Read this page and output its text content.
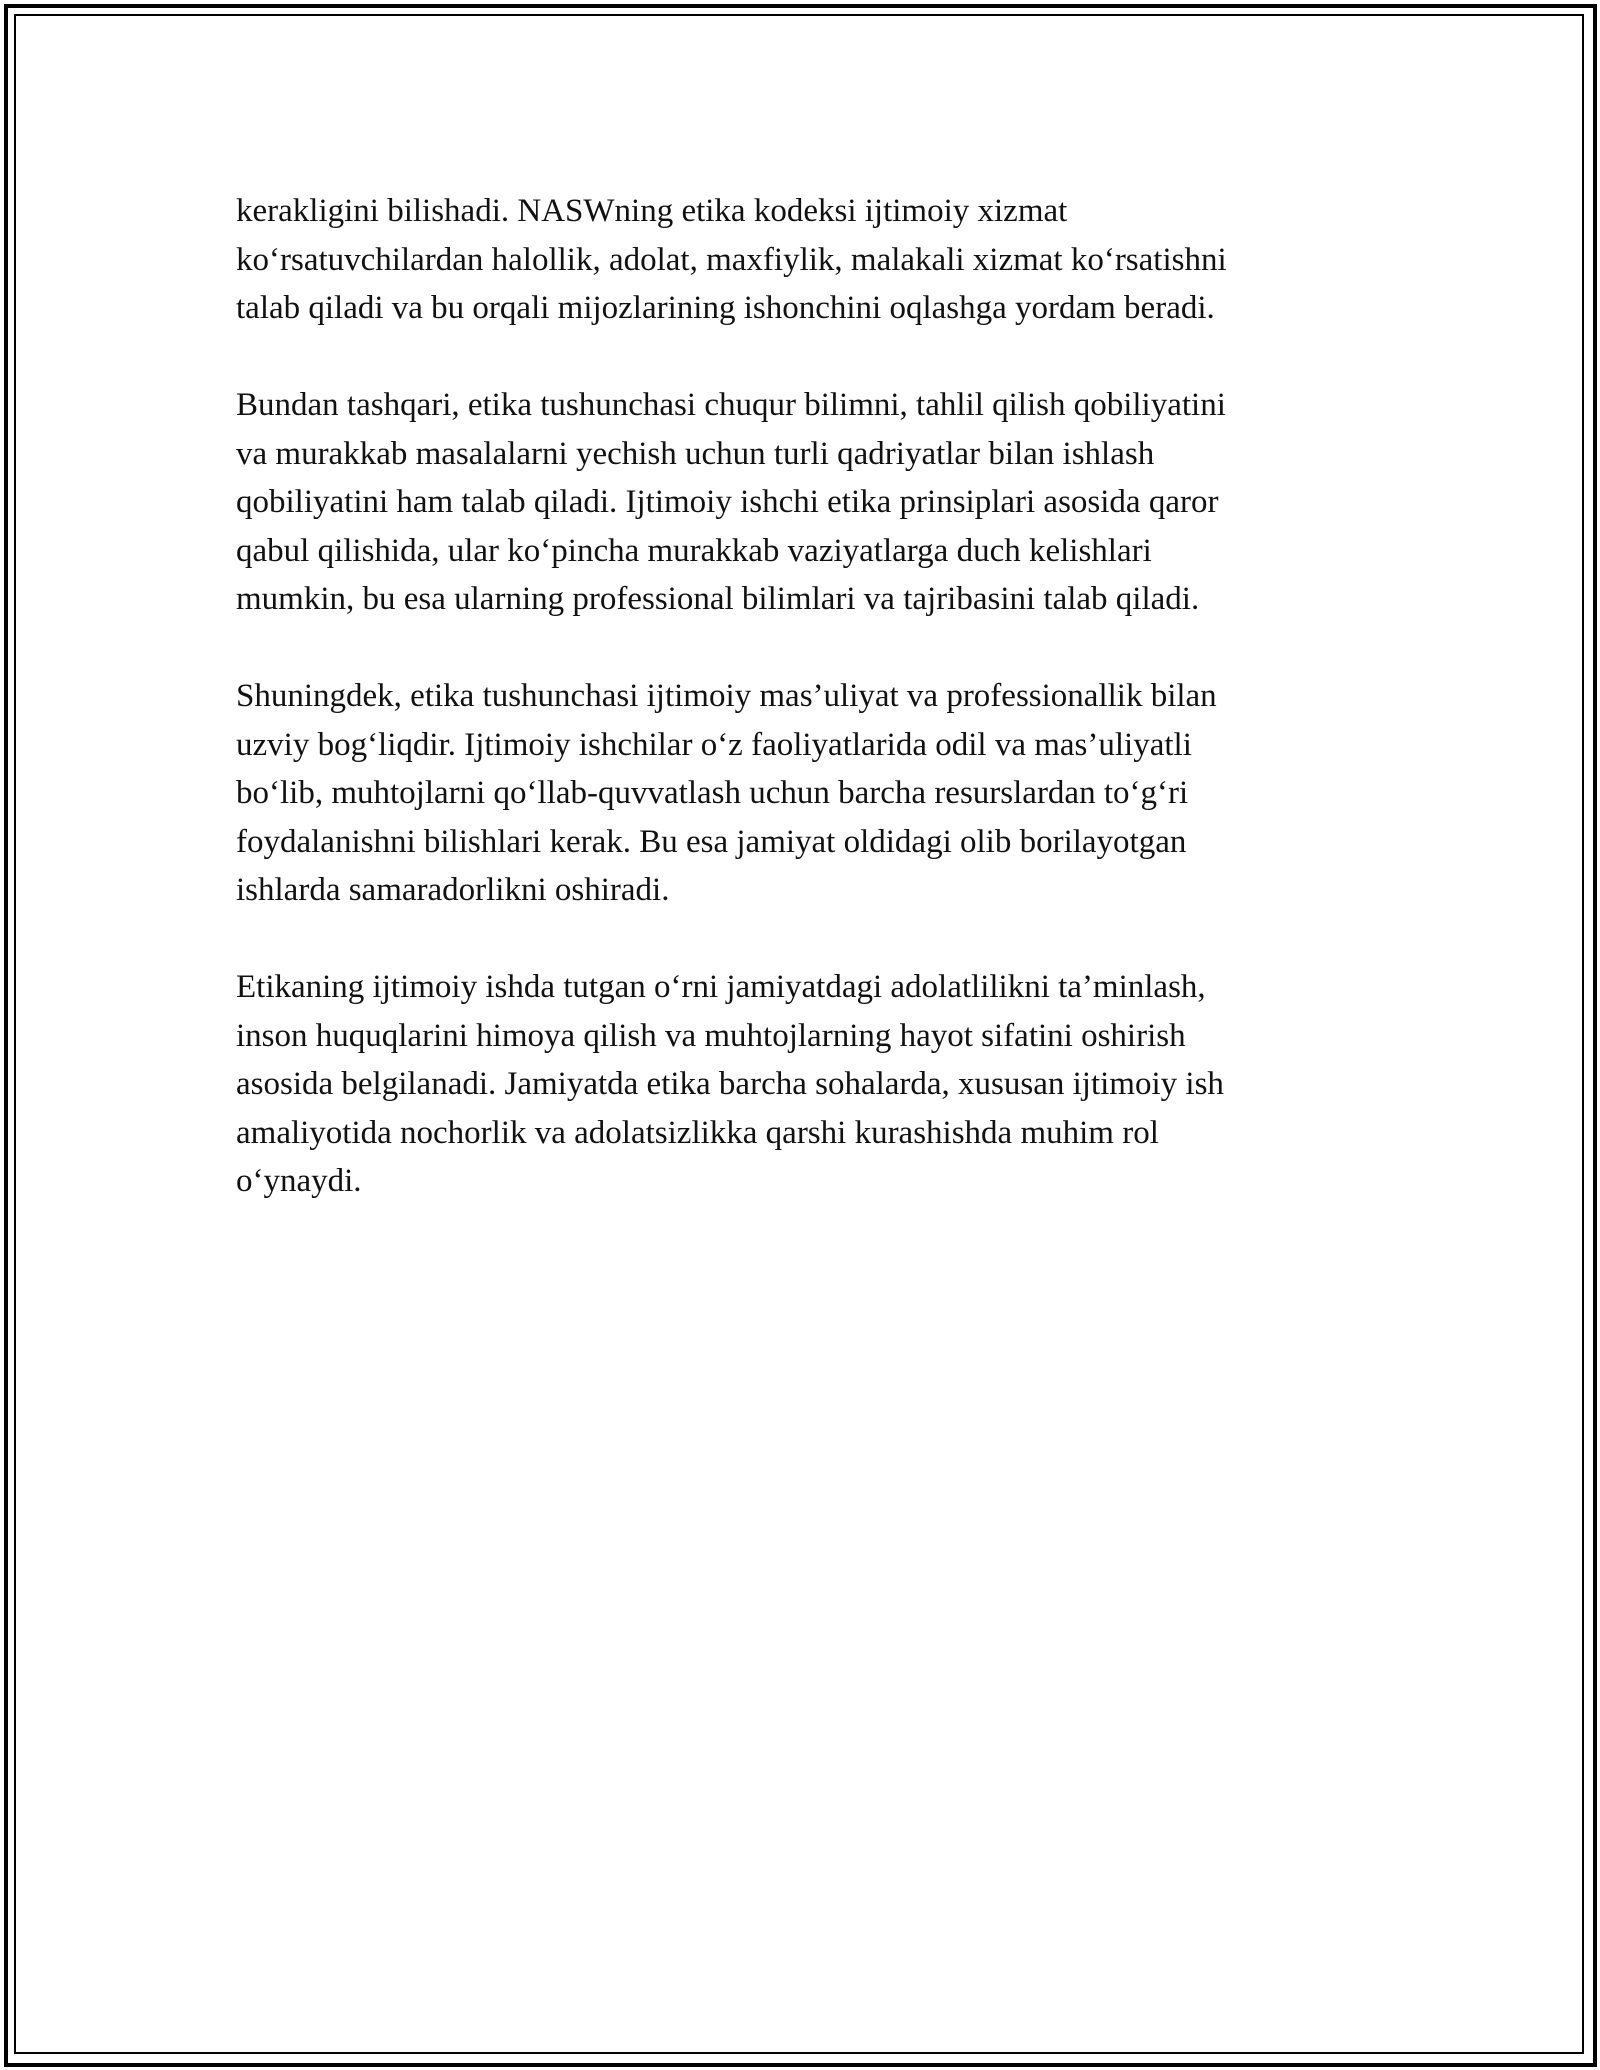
kerakligini bilishadi. NASWning etika kodeksi ijtimoiy xizmat
koʻrsatuvchilardan halollik, adolat, maxfiylik, malakali xizmat koʻrsatishni
talab qiladi va bu orqali mijozlarining ishonchini oqlashga yordam beradi.

Bundan tashqari, etika tushunchasi chuqur bilimni, tahlil qilish qobiliyatini
va murakkab masalalarni yechish uchun turli qadriyatlar bilan ishlash
qobiliyatini ham talab qiladi. Ijtimoiy ishchi etika prinsiplari asosida qaror
qabul qilishida, ular koʻpincha murakkab vaziyatlarga duch kelishlari
mumkin, bu esa ularning professional bilimlari va tajribasini talab qiladi.

Shuningdek, etika tushunchasi ijtimoiy mas’uliyat va professionallik bilan
uzviy bogʻliqdir. Ijtimoiy ishchilar oʻz faoliyatlarida odil va mas’uliyatli
boʻlib, muhtojlarni qoʻllab-quvvatlash uchun barcha resurslardan toʻgʻri
foydalanishni bilishlari kerak. Bu esa jamiyat oldidagi olib borilayotgan
ishlarda samaradorlikni oshiradi.

Etikaning ijtimoiy ishda tutgan oʻrni jamiyatdagi adolatlilikni ta’minlash,
inson huquqlarini himoya qilish va muhtojlarning hayot sifatini oshirish
asosida belgilanadi. Jamiyatda etika barcha sohalarda, xususan ijtimoiy ish
amaliyotida nochorlik va adolatsizlikka qarshi kurashishda muhim rol
oʻynaydi.
